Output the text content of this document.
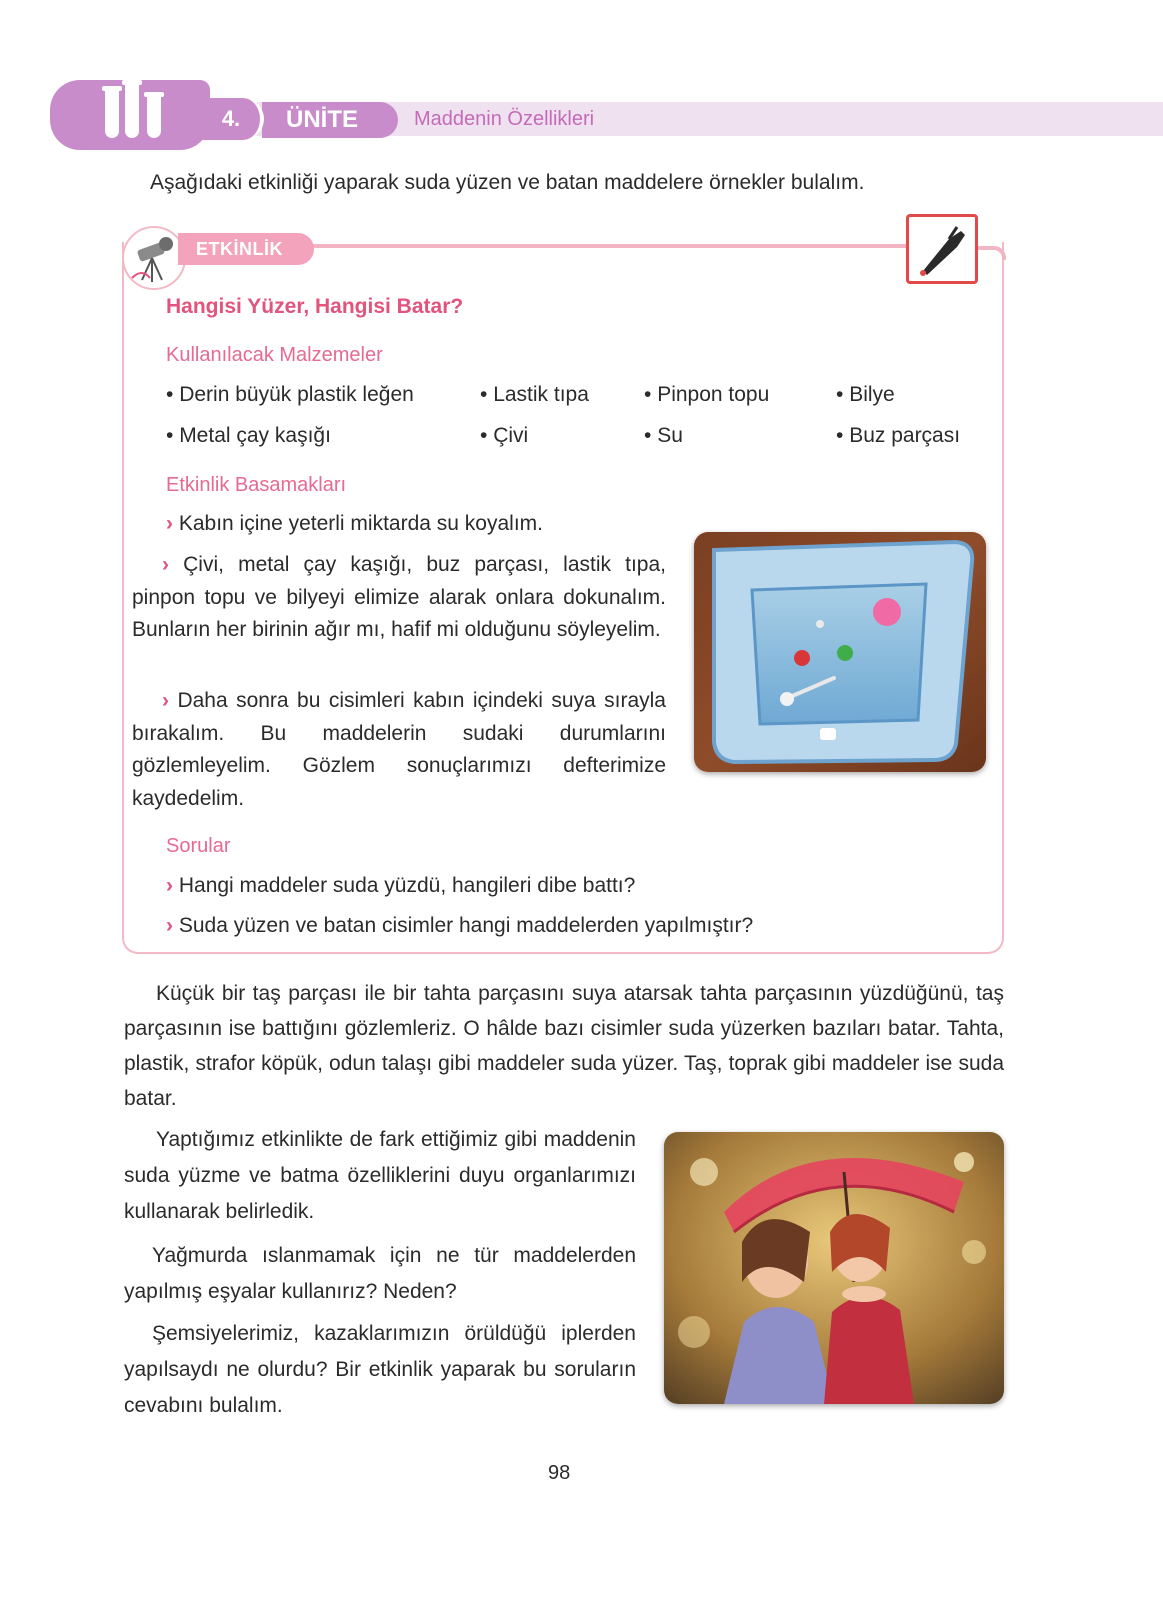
ÜNİTE
4.	Maddenin Özellikleri
Aşağıdaki etkinliği yaparak suda yüzen ve batan maddelere örnekler bulalım.
ETKİNLİK
Hangisi Yüzer, Hangisi Batar?
Kullanılacak Malzemeler
• Derin büyük plastik leğen	• Lastik tıpa	• Pinpon topu	• Bilye
• Metal çay kaşığı	• Çivi	• Su	• Buz parçası
Etkinlik Basamakları
› Kabın içine yeterli miktarda su koyalım.
› Çivi, metal çay kaşığı, buz parçası, lastik tıpa, pinpon topu ve bilyeyi elimize alarak onlara dokunalım. Bunların her birinin ağır mı, hafif mi olduğunu söyleyelim.
› Daha sonra bu cisimleri kabın içindeki suya sırayla bırakalım. Bu maddelerin sudaki durumlarını gözlemleyelim. Gözlem sonuçlarımızı defterimize kaydedelim.
Sorular
› Hangi maddeler suda yüzdü, hangileri dibe battı?
› Suda yüzen ve batan cisimler hangi maddelerden yapılmıştır?
Küçük bir taş parçası ile bir tahta parçasını suya atarsak tahta parçasının yüzdüğünü, taş parçasının ise battığını gözlemleriz. O hâlde bazı cisimler suda yüzerken bazıları batar. Tahta, plastik, strafor köpük, odun talaşı gibi maddeler suda yüzer. Taş, toprak gibi maddeler ise suda batar.
Yaptığımız etkinlikte de fark ettiğimiz gibi maddenin suda yüzme ve batma özelliklerini duyu organlarımızı kullanarak belirledik.
Yağmurda ıslanmamak için ne tür maddelerden yapılmış eşyalar kullanırız? Neden?
Şemsiyelerimiz, kazaklarımızın örüldüğü iplerden yapılsaydı ne olurdu? Bir etkinlik yaparak bu soruların cevabını bulalım.
98
